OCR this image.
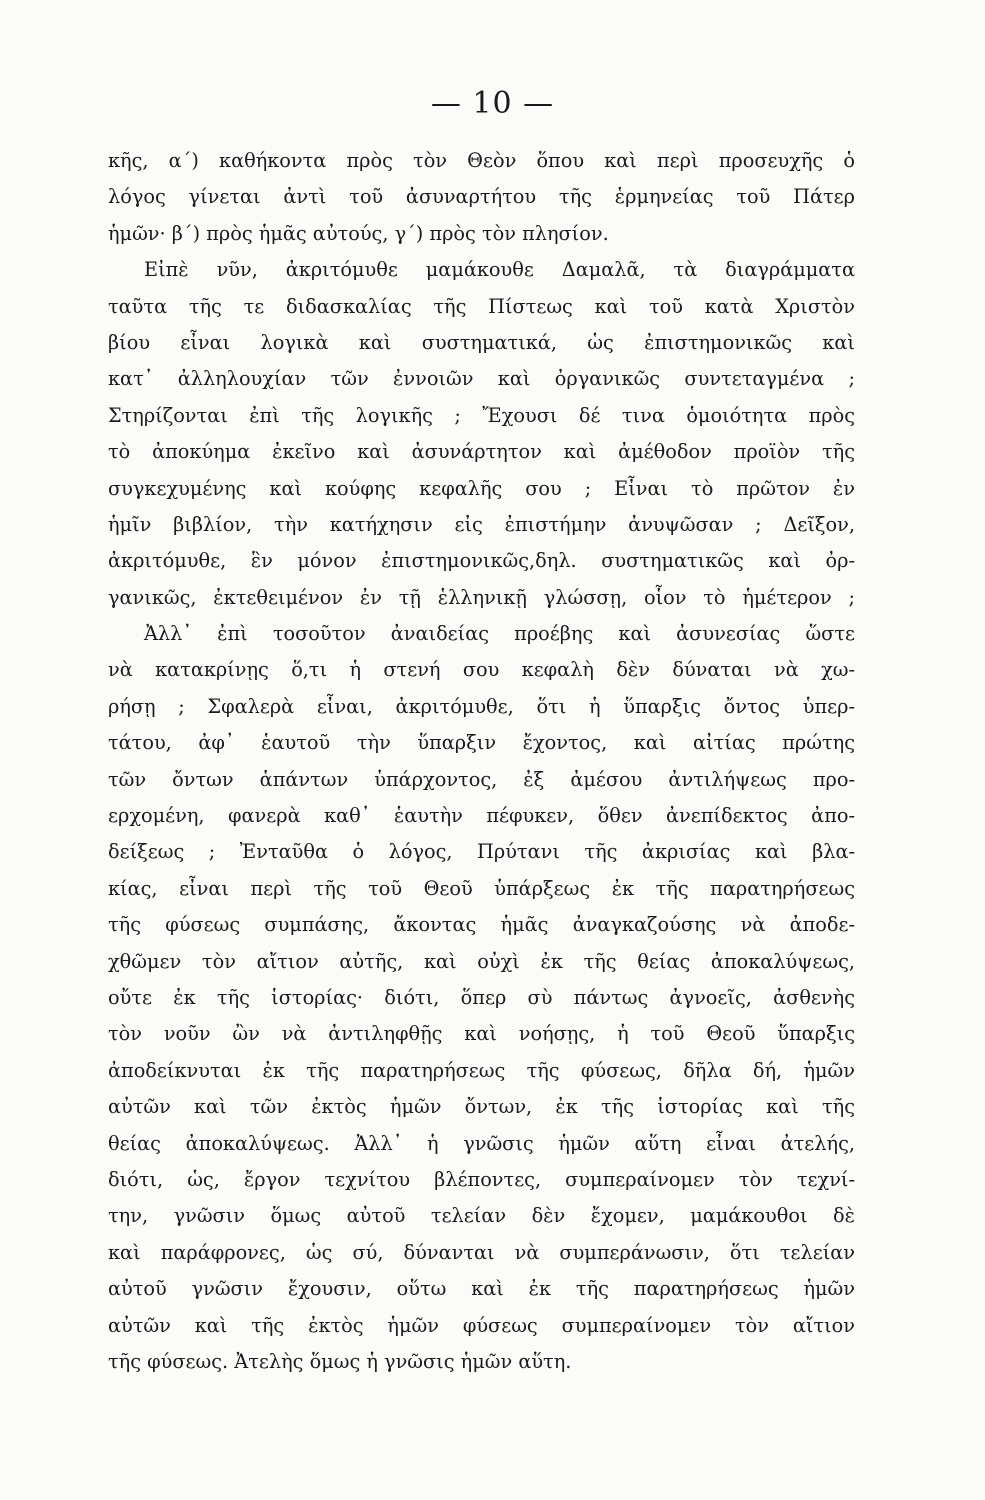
— 10 —
κῆς, α΄) καθήκοντα πρὸς τὸν Θεὸν ὅπου καὶ περὶ προσευχῆς ὁ
λόγος γίνεται ἀντὶ τοῦ ἀσυναρτήτου τῆς ἑρμηνείας τοῦ Πάτερ
ἡμῶν· β΄) πρὸς ἡμᾶς αὐτούς, γ΄) πρὸς τὸν πλησίον.
Εἰπὲ νῦν, ἀκριτόμυθε μαμάκουθε Δαμαλᾶ, τὰ διαγράμματα
ταῦτα τῆς τε διδασκαλίας τῆς Πίστεως καὶ τοῦ κατὰ Χριστὸν
βίου εἶναι λογικὰ καὶ συστηματικά, ὡς ἐπιστημονικῶς καὶ
κατ᾽ ἀλληλουχίαν τῶν ἐννοιῶν καὶ ὀργανικῶς συντεταγμένα ;
Στηρίζονται ἐπὶ τῆς λογικῆς ; Ἔχουσι δέ τινα ὁμοιότητα πρὸς
τὸ ἀποκύημα ἐκεῖνο καὶ ἀσυνάρτητον καὶ ἀμέθοδον προϊὸν τῆς
συγκεχυμένης καὶ κούφης κεφαλῆς σου ; Εἶναι τὸ πρῶτον ἐν
ἡμῖν βιβλίον, τὴν κατήχησιν εἰς ἐπιστήμην ἀνυψῶσαν ; Δεῖξον,
ἀκριτόμυθε, ἓν μόνον ἐπιστημονικῶς,δηλ. συστηματικῶς καὶ ὀρ-
γανικῶς, ἐκτεθειμένον ἐν τῇ ἑλληνικῇ γλώσσῃ, οἷον τὸ ἡμέτερον ;
Ἀλλ᾽ ἐπὶ τοσοῦτον ἀναιδείας προέβης καὶ ἀσυνεσίας ὥστε
νὰ κατακρίνῃς ὅ,τι ἡ στενή σου κεφαλὴ δὲν δύναται νὰ χω-
ρήσῃ ; Σφαλερὰ εἶναι, ἀκριτόμυθε, ὅτι ἡ ὕπαρξις ὄντος ὑπερ-
τάτου, ἀφ᾽ ἑαυτοῦ τὴν ὕπαρξιν ἔχοντος, καὶ αἰτίας πρώτης
τῶν ὄντων ἁπάντων ὑπάρχοντος, ἐξ ἀμέσου ἀντιλήψεως προ-
ερχομένη, φανερὰ καθ᾽ ἑαυτὴν πέφυκεν, ὅθεν ἀνεπίδεκτος ἀπο-
δείξεως ; Ἐνταῦθα ὁ λόγος, Πρύτανι τῆς ἀκρισίας καὶ βλα-
κίας, εἶναι περὶ τῆς τοῦ Θεοῦ ὑπάρξεως ἐκ τῆς παρατηρήσεως
τῆς φύσεως συμπάσης, ἄκοντας ἡμᾶς ἀναγκαζούσης νὰ ἀποδε-
χθῶμεν τὸν αἴτιον αὐτῆς, καὶ οὐχὶ ἐκ τῆς θείας ἀποκαλύψεως,
οὔτε ἐκ τῆς ἱστορίας· διότι, ὅπερ σὺ πάντως ἀγνοεῖς, ἀσθενὴς
τὸν νοῦν ὢν νὰ ἀντιληφθῇς καὶ νοήσῃς, ἡ τοῦ Θεοῦ ὕπαρξις
ἀποδείκνυται ἐκ τῆς παρατηρήσεως τῆς φύσεως, δῆλα δή, ἡμῶν
αὐτῶν καὶ τῶν ἐκτὸς ἡμῶν ὄντων, ἐκ τῆς ἱστορίας καὶ τῆς
θείας ἀποκαλύψεως. Ἀλλ᾽ ἡ γνῶσις ἡμῶν αὕτη εἶναι ἀτελής,
διότι, ὡς, ἔργον τεχνίτου βλέποντες, συμπεραίνομεν τὸν τεχνί-
την, γνῶσιν ὅμως αὐτοῦ τελείαν δὲν ἔχομεν, μαμάκουθοι δὲ
καὶ παράφρονες, ὡς σύ, δύνανται νὰ συμπεράνωσιν, ὅτι τελείαν
αὐτοῦ γνῶσιν ἔχουσιν, οὕτω καὶ ἐκ τῆς παρατηρήσεως ἡμῶν
αὐτῶν καὶ τῆς ἐκτὸς ἡμῶν φύσεως συμπεραίνομεν τὸν αἴτιον
τῆς φύσεως. Ἀτελὴς ὅμως ἡ γνῶσις ἡμῶν αὕτη.
